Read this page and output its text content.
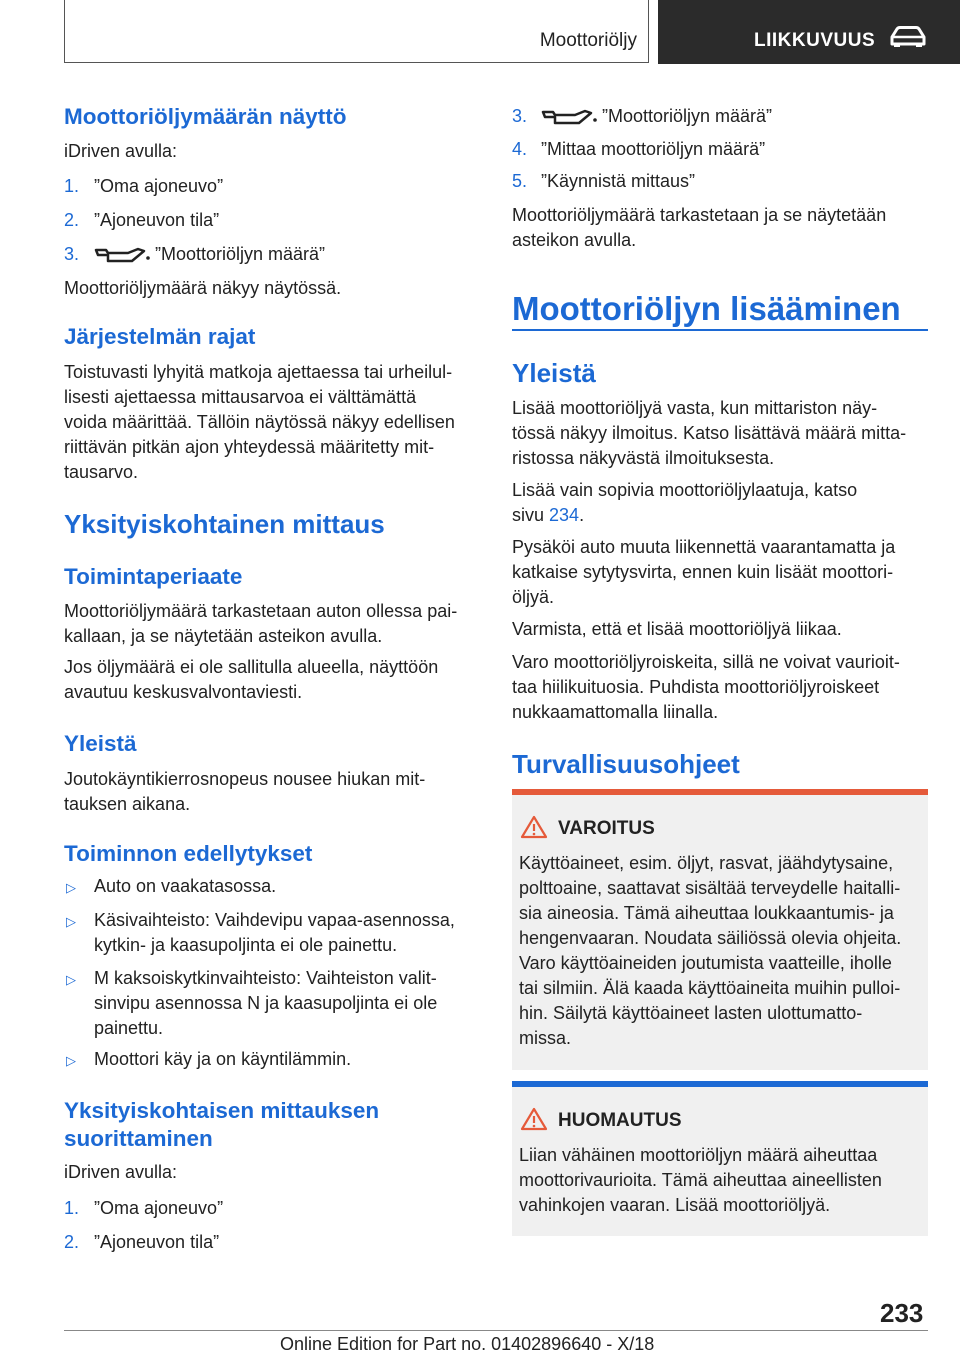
Moottoriöljy	LIIKKUVUUS
Moottoriöljymäärän näyttö
iDriven avulla:
1. ”Oma ajoneuvo”
2. ”Ajoneuvon tila”
3.	”Moottoriöljyn määrä”
Moottoriöljymäärä näkyy näytössä.
Järjestelmän rajat
Toistuvasti lyhyitä matkoja ajettaessa tai urheilul-
lisesti ajettaessa mittausarvoa ei välttämättä
voida määrittää. Tällöin näytössä näkyy edellisen
riittävän pitkän ajon yhteydessä määritetty mit-
tausarvo.
Yksityiskohtainen mittaus
Toimintaperiaate
Moottoriöljymäärä tarkastetaan auton ollessa pai-
kallaan, ja se näytetään asteikon avulla.
Jos öljymäärä ei ole sallitulla alueella, näyttöön
avautuu keskusvalvontaviesti.
Yleistä
Joutokäyntikierrosnopeus nousee hiukan mit-
tauksen aikana.
Toiminnon edellytykset
▷ Auto on vaakatasossa.
▷ Käsivaihteisto: Vaihdevipu vapaa-asennossa,
kytkin- ja kaasupoljinta ei ole painettu.
▷ M kaksoiskytkinvaihteisto: Vaihteiston valit-
sinvipu asennossa N ja kaasupoljinta ei ole
painettu.
▷ Moottori käy ja on käyntilämmin.
Yksityiskohtaisen mittauksen
suorittaminen
iDriven avulla:
1. ”Oma ajoneuvo”
2. ”Ajoneuvon tila”
3.	”Moottoriöljyn määrä”
4. ”Mittaa moottoriöljyn määrä”
5. ”Käynnistä mittaus”
Moottoriöljymäärä tarkastetaan ja se näytetään
asteikon avulla.
Moottoriöljyn lisääminen
Yleistä
Lisää moottoriöljyä vasta, kun mittariston näy-
tössä näkyy ilmoitus. Katso lisättävä määrä mitta-
ristossa näkyvästä ilmoituksesta.
Lisää vain sopivia moottoriöljylaatuja, katso
sivu 234.
Pysäköi auto muuta liikennettä vaarantamatta ja
katkaise sytytysvirta, ennen kuin lisäät moottori-
öljyä.
Varmista, että et lisää moottoriöljyä liikaa.
Varo moottoriöljyroiskeita, sillä ne voivat vaurioit-
taa hiilikuituosia. Puhdista moottoriöljyroiskeet
nukkaamattomalla liinalla.
Turvallisuusohjeet
VAROITUS
Käyttöaineet, esim. öljyt, rasvat, jäähdytysaine,
polttoaine, saattavat sisältää terveydelle haitalli-
sia aineosia. Tämä aiheuttaa loukkaantumis- ja
hengenvaaran. Noudata säiliössä olevia ohjeita.
Varo käyttöaineiden joutumista vaatteille, iholle
tai silmiin. Älä kaada käyttöaineita muihin pulloi-
hin. Säilytä käyttöaineet lasten ulottumatto-
missa.
HUOMAUTUS
Liian vähäinen moottoriöljyn määrä aiheuttaa
moottorivaurioita. Tämä aiheuttaa aineellisten
vahinkojen vaaran. Lisää moottoriöljyä.
233
Online Edition for Part no. 01402896640 - X/18
